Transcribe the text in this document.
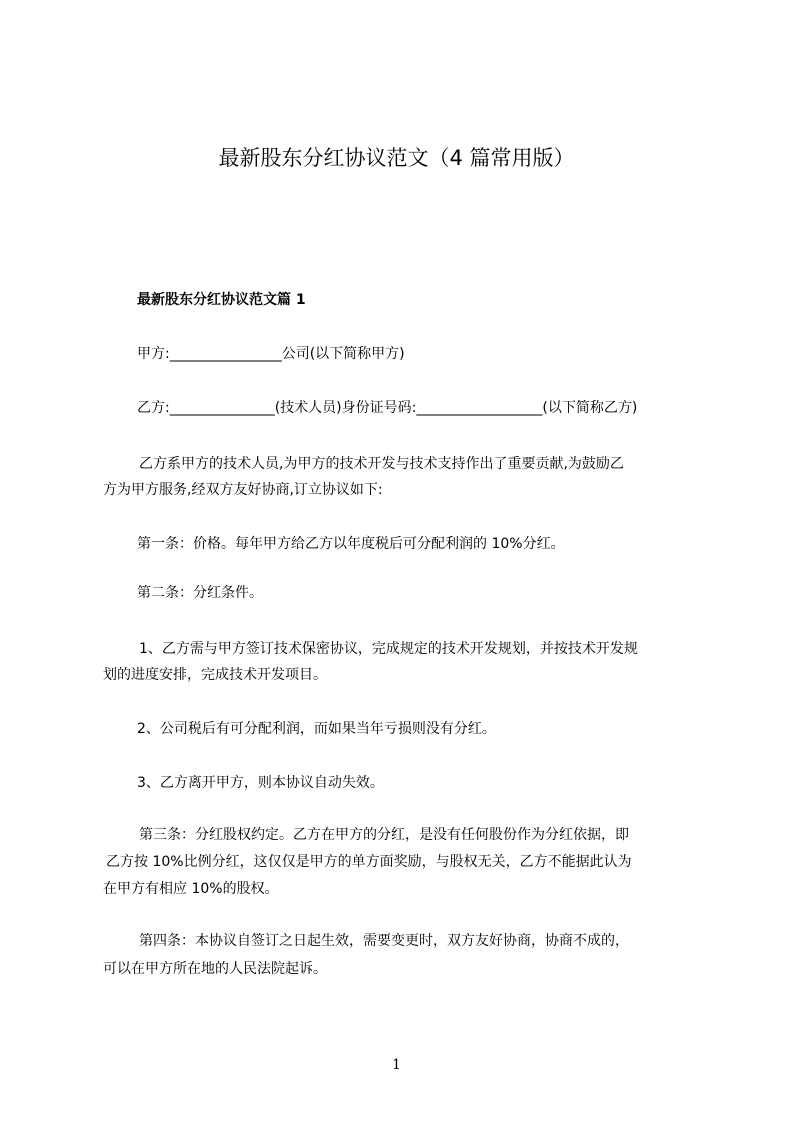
最新股东分红协议范文（4 篇常用版）
最新股东分红协议范文篇 1
甲方:________________公司(以下简称甲方)
乙方:_______________(技术人员)身份证号码:__________________(以下简称乙方)
乙方系甲方的技术人员,为甲方的技术开发与技术支持作出了重要贡献,为鼓励乙
方为甲方服务,经双方友好协商,订立协议如下:
第一条：价格。每年甲方给乙方以年度税后可分配利润的 10%分红。
第二条：分红条件。
1、乙方需与甲方签订技术保密协议，完成规定的技术开发规划，并按技术开发规
划的进度安排，完成技术开发项目。
2、公司税后有可分配利润，而如果当年亏损则没有分红。
3、乙方离开甲方，则本协议自动失效。
第三条：分红股权约定。乙方在甲方的分红，是没有任何股份作为分红依据，即
乙方按 10%比例分红，这仅仅是甲方的单方面奖励，与股权无关，乙方不能据此认为
在甲方有相应 10%的股权。
第四条：本协议自签订之日起生效，需要变更时，双方友好协商，协商不成的，
可以在甲方所在地的人民法院起诉。
1
